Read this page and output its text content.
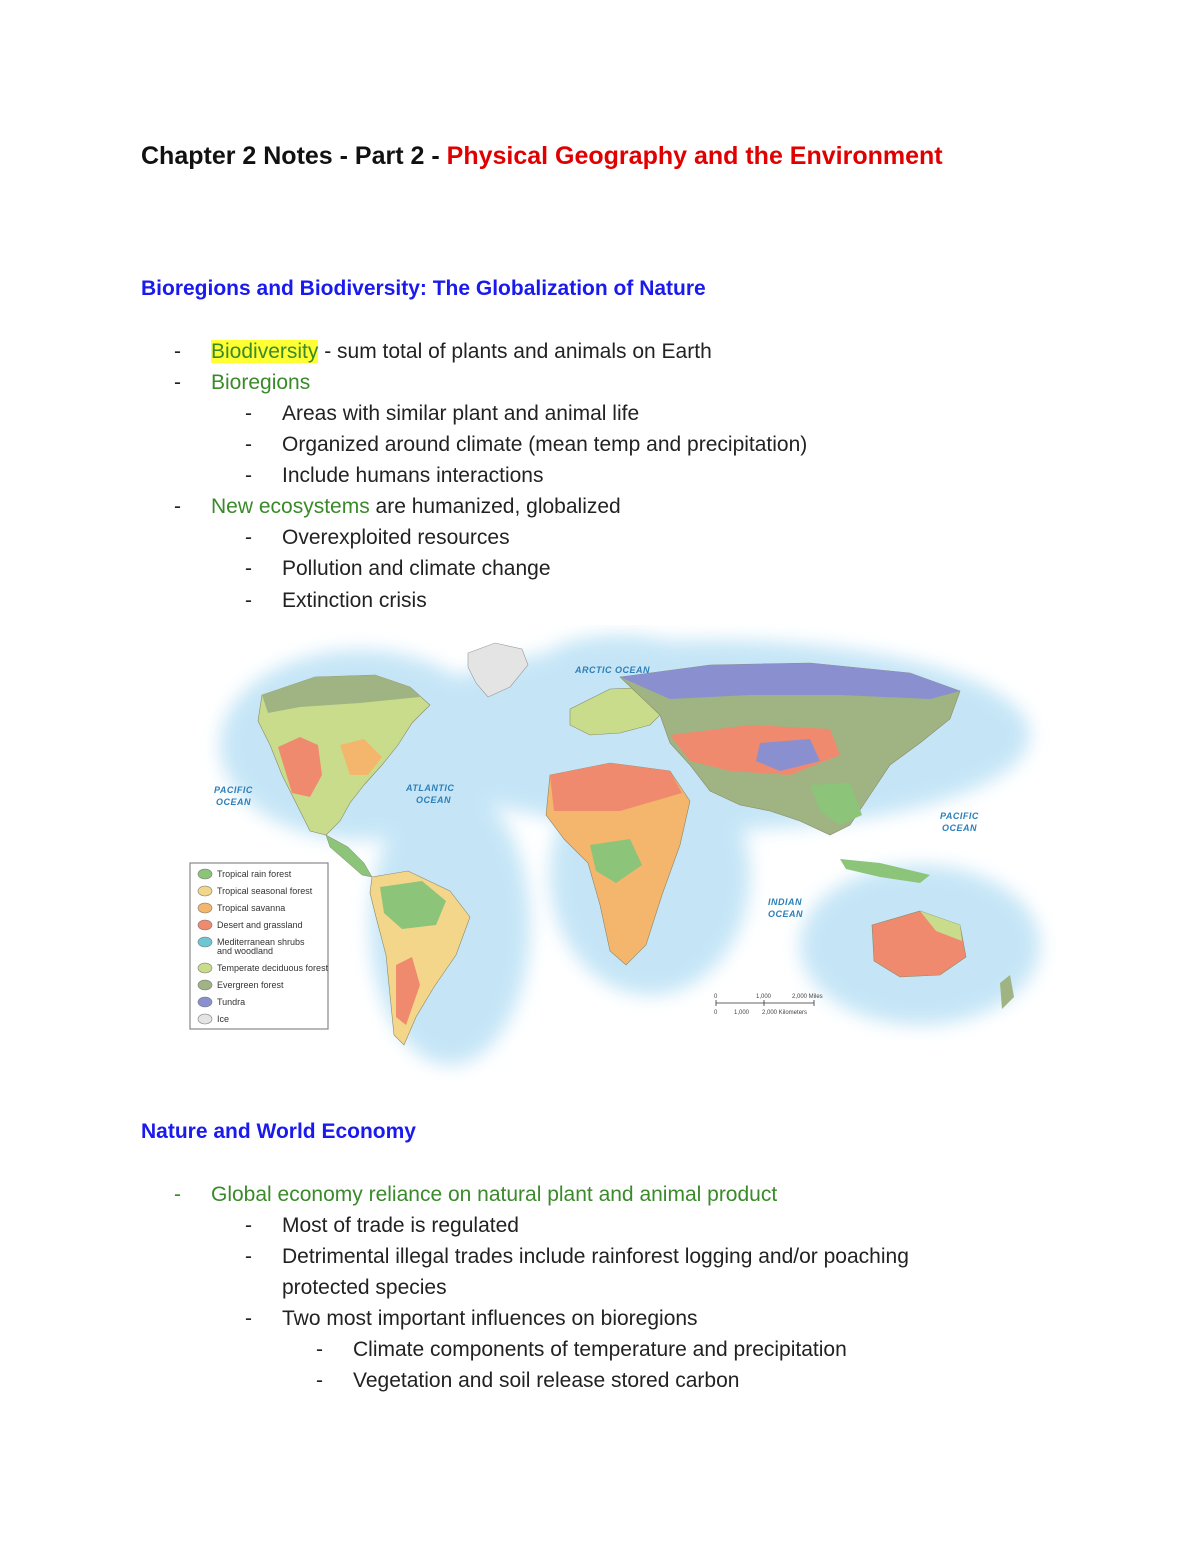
Chapter 2 Notes - Part 2 - Physical Geography and the Environment
Bioregions and Biodiversity: The Globalization of Nature
- Biodiversity - sum total of plants and animals on Earth
- Bioregions
- Areas with similar plant and animal life
- Organized around climate (mean temp and precipitation)
- Include humans interactions
- New ecosystems are humanized, globalized
- Overexploited resources
- Pollution and climate change
- Extinction crisis
ARCTIC OCEAN
PACIFIC
OCEAN
ATLANTIC
OCEAN
INDIAN
OCEAN
PACIFIC
OCEAN
Tropical rain forest
Tropical seasonal forest
Tropical savanna
Desert and grassland
Mediterranean shrubs
and woodland
Temperate deciduous forest
Evergreen forest
Tundra
Ice
0	1,000	2,000 Miles
0	1,000 2,000 Kilometers
Nature and World Economy
- Global economy reliance on natural plant and animal product
- Most of trade is regulated
- Detrimental illegal trades include rainforest logging and/or poaching
protected species
- Two most important influences on bioregions
- Climate components of temperature and precipitation
- Vegetation and soil release stored carbon
